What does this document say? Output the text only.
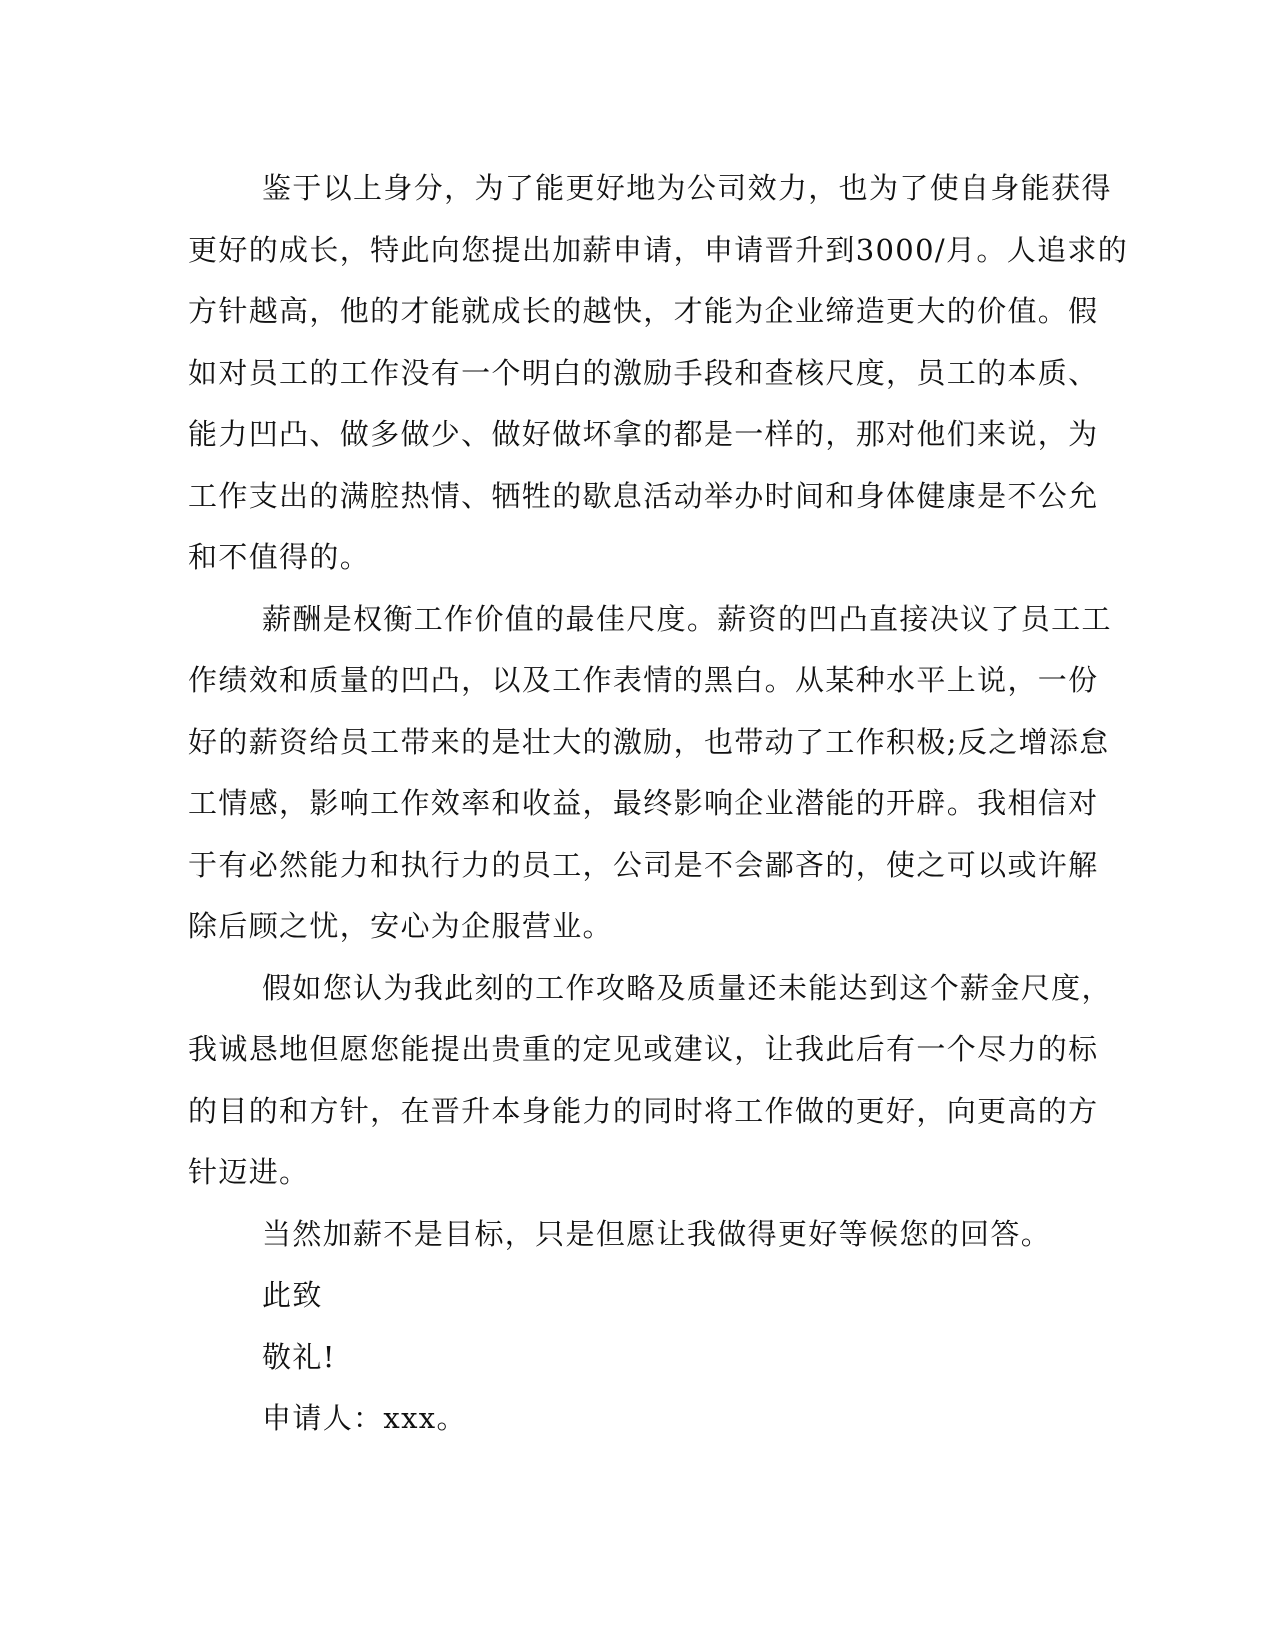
鉴于以上身分，为了能更好地为公司效力，也为了使自身能获得
更好的成长，特此向您提出加薪申请，申请晋升到3000/月。人追求的
方针越高，他的才能就成长的越快，才能为企业缔造更大的价值。假
如对员工的工作没有一个明白的激励手段和查核尺度，员工的本质、
能力凹凸、做多做少、做好做坏拿的都是一样的，那对他们来说，为
工作支出的满腔热情、牺牲的歇息活动举办时间和身体健康是不公允
和不值得的。
薪酬是权衡工作价值的最佳尺度。薪资的凹凸直接决议了员工工
作绩效和质量的凹凸，以及工作表情的黑白。从某种水平上说，一份
好的薪资给员工带来的是壮大的激励，也带动了工作积极;反之增添怠
工情感，影响工作效率和收益，最终影响企业潜能的开辟。我相信对
于有必然能力和执行力的员工，公司是不会鄙吝的，使之可以或许解
除后顾之忧，安心为企服营业。
假如您认为我此刻的工作攻略及质量还未能达到这个薪金尺度，
我诚恳地但愿您能提出贵重的定见或建议，让我此后有一个尽力的标
的目的和方针，在晋升本身能力的同时将工作做的更好，向更高的方
针迈进。
当然加薪不是目标，只是但愿让我做得更好等候您的回答。
此致
敬礼!
申请人：xxx。
